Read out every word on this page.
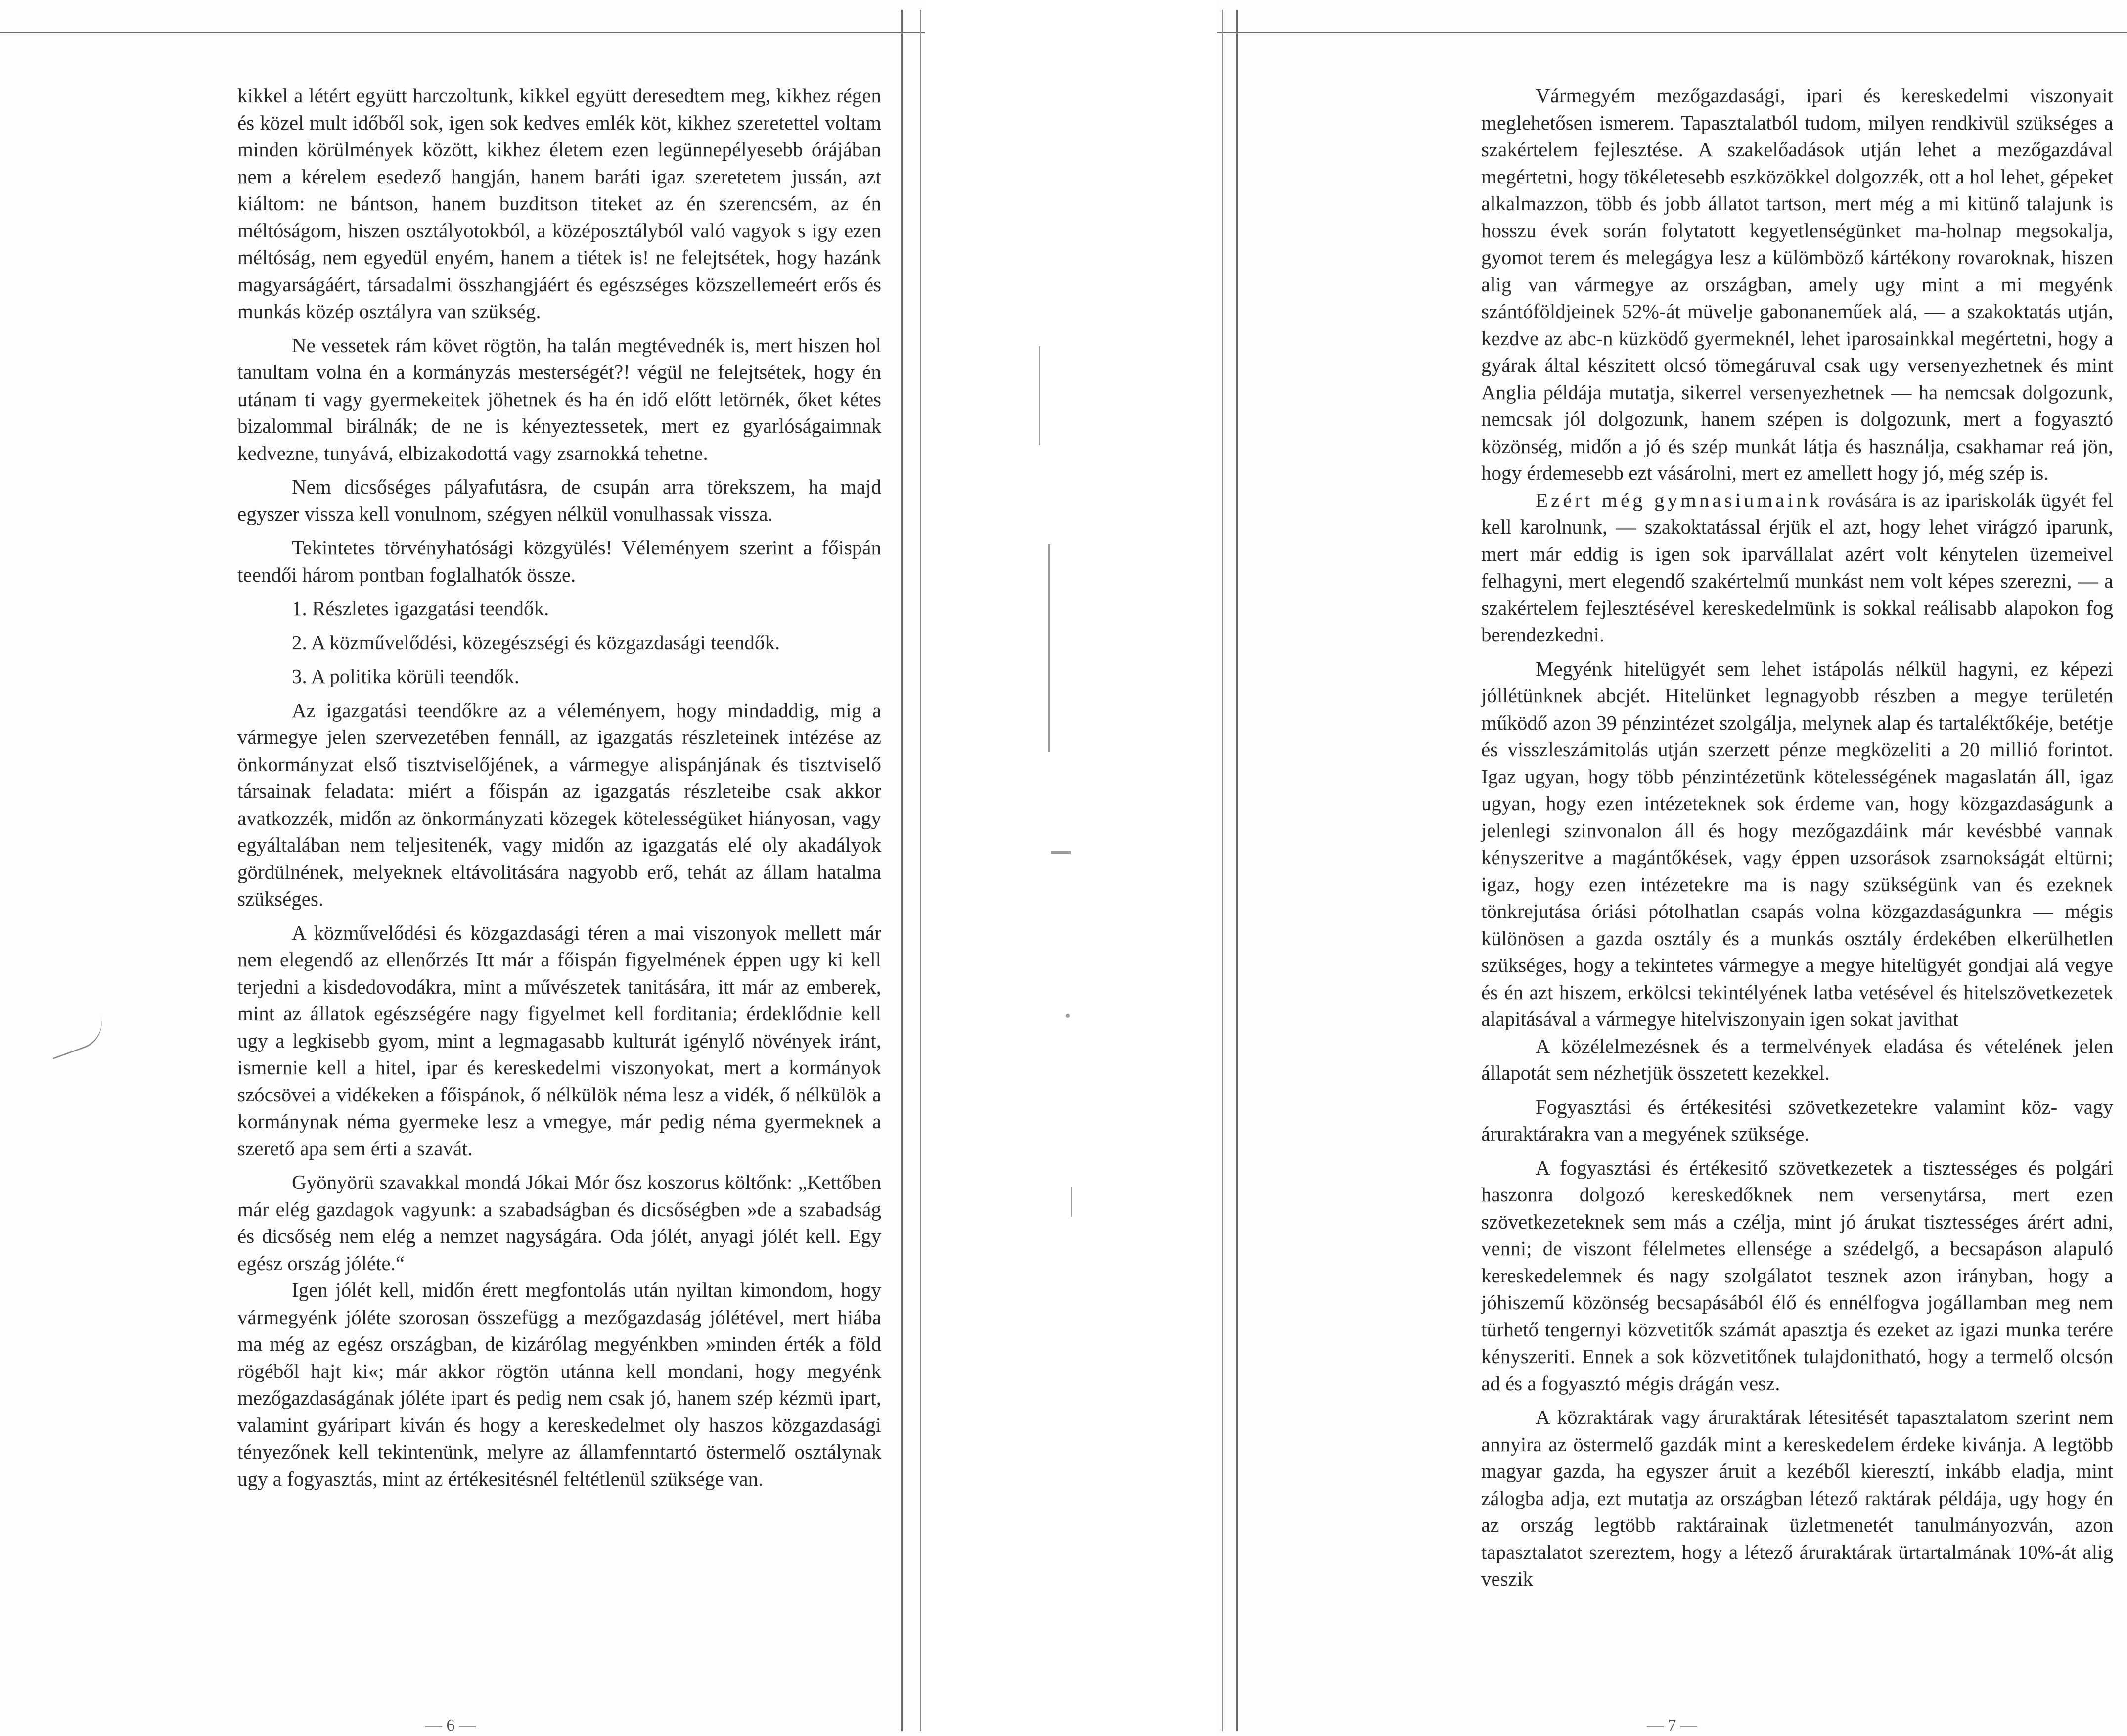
kikkel a létért együtt harczoltunk, kikkel együtt deresedtem meg, kikhez régen és közel mult időből sok, igen sok kedves emlék köt, kikhez szeretettel voltam minden körülmények között, kikhez életem ezen legünnepélyesebb órájában nem a kérelem esedező hangján, hanem baráti igaz szeretetem jussán, azt kiáltom: ne bántson, hanem buzditson titeket az én szerencsém, az én méltóságom, hiszen osztályotokból, a középosztályból való vagyok s igy ezen méltóság, nem egyedül enyém, hanem a tiétek is! ne felejtsétek, hogy hazánk magyarságáért, társadalmi összhangjáért és egészséges közszellemeért erős és munkás közép osztályra van szükség.

Ne vessetek rám követ rögtön, ha talán megtévednék is, mert hiszen hol tanultam volna én a kormányzás mesterségét?! végül ne felejtsétek, hogy én utánam ti vagy gyermekeitek jöhetnek és ha én idő előtt letörnék, őket kétes bizalommal birálnák; de ne is kényeztessetek, mert ez gyarlóságaimnak kedvezne, tunyává, elbizakodottá vagy zsarnokká tehetne.

Nem dicsőséges pályafutásra, de csupán arra törekszem, ha majd egyszer vissza kell vonulnom, szégyen nélkül vonulhassak vissza.

Tekintetes törvényhatósági közgyülés! Véleményem szerint a főispán teendői három pontban foglalhatók össze.

1. Részletes igazgatási teendők.

2. A közművelődési, közegészségi és közgazdasági teendők.

3. A politika körüli teendők.

Az igazgatási teendőkre az a véleményem, hogy mindaddig, mig a vármegye jelen szervezetében fennáll, az igazgatás részleteinek intézése az önkormányzat első tisztviselőjének, a vármegye alispánjának és tisztviselő társainak feladata: miért a főispán az igazgatás részleteibe csak akkor avatkozzék, midőn az önkormányzati közegek kötelességüket hiányosan, vagy egyáltalában nem teljesitenék, vagy midőn az igazgatás elé oly akadályok gördülnének, melyeknek eltávolitására nagyobb erő, tehát az állam hatalma szükséges.

A közművelődési és közgazdasági téren a mai viszonyok mellett már nem elegendő az ellenőrzés Itt már a főispán figyelmének éppen ugy ki kell terjedni a kisdedovodákra, mint a művészetek tanitására, itt már az emberek, mint az állatok egészségére nagy figyelmet kell forditania; érdeklődnie kell ugy a legkisebb gyom, mint a legmagasabb kulturát igénylő növények iránt, ismernie kell a hitel, ipar és kereskedelmi viszonyokat, mert a kormányok szócsövei a vidékeken a főispánok, ő nélkülök néma lesz a vidék, ő nélkülök a kormánynak néma gyermeke lesz a vmegye, már pedig néma gyermeknek a szerető apa sem érti a szavát.

Gyönyörü szavakkal mondá Jókai Mór ősz koszorus költőnk: „Kettőben már elég gazdagok vagyunk: a szabadságban és dicsőségben »de a szabadság és dicsőség nem elég a nemzet nagyságára. Oda jólét, anyagi jólét kell. Egy egész ország jóléte.“

Igen jólét kell, midőn érett megfontolás után nyiltan kimondom, hogy vármegyénk jóléte szorosan összefügg a mezőgazdaság jólétével, mert hiába ma még az egész országban, de kizárólag megyénkben »minden érték a föld rögéből hajt ki«; már akkor rögtön utánna kell mondani, hogy megyénk mezőgazdaságának jóléte ipart és pedig nem csak jó, hanem szép kézmü ipart, valamint gyáripart kiván és hogy a kereskedelmet oly haszos közgazdasági tényezőnek kell tekintenünk, melyre az államfenntartó östermelő osztálynak ugy a fogyasztás, mint az értékesitésnél feltétlenül szüksége van.

— 6 —

Vármegyém mezőgazdasági, ipari és kereskedelmi viszonyait meglehetősen ismerem. Tapasztalatból tudom, milyen rendkivül szükséges a szakértelem fejlesztése. A szakelőadások utján lehet a mezőgazdával megértetni, hogy tökéletesebb eszközökkel dolgozzék, ott a hol lehet, gépeket alkalmazzon, több és jobb állatot tartson, mert még a mi kitünő talajunk is hosszu évek során folytatott kegyetlenségünket ma-holnap megsokalja, gyomot terem és melegágya lesz a külömböző kártékony rovaroknak, hiszen alig van vármegye az országban, amely ugy mint a mi megyénk szántóföldjeinek 52%-át müvelje gabonaneműek alá, — a szakoktatás utján, kezdve az abc-n küzködő gyermeknél, lehet iparosainkkal megértetni, hogy a gyárak által készitett olcsó tömegáruval csak ugy versenyezhetnek és mint Anglia példája mutatja, sikerrel versenyezhetnek — ha nemcsak dolgozunk, nemcsak jól dolgozunk, hanem szépen is dolgozunk, mert a fogyasztó közönség, midőn a jó és szép munkát látja és használja, csakhamar reá jön, hogy érdemesebb ezt vásárolni, mert ez amellett hogy jó, még szép is.

Ezért még gymnasiumaink rovására is az ipariskolák ügyét fel kell karolnunk, — szakoktatással érjük el azt, hogy lehet virágzó iparunk, mert már eddig is igen sok iparvállalat azért volt kénytelen üzemeivel felhagyni, mert elegendő szakértelmű munkást nem volt képes szerezni, — a szakértelem fejlesztésével kereskedelmünk is sokkal reálisabb alapokon fog berendezkedni.

Megyénk hitelügyét sem lehet istápolás nélkül hagyni, ez képezi jóllétünknek abcjét. Hitelünket legnagyobb részben a megye területén működő azon 39 pénzintézet szolgálja, melynek alap és tartaléktőkéje, betétje és visszleszámitolás utján szerzett pénze megközeliti a 20 millió forintot. Igaz ugyan, hogy több pénzintézetünk kötelességének magaslatán áll, igaz ugyan, hogy ezen intézeteknek sok érdeme van, hogy közgazdaságunk a jelenlegi szinvonalon áll és hogy mezőgazdáink már kevésbbé vannak kényszeritve a magántőkések, vagy éppen uzsorások zsarnokságát eltürni; igaz, hogy ezen intézetekre ma is nagy szükségünk van és ezeknek tönkrejutása óriási pótolhatlan csapás volna közgazdaságunkra — mégis különösen a gazda osztály és a munkás osztály érdekében elkerülhetlen szükséges, hogy a tekintetes vármegye a megye hitelügyét gondjai alá vegye és én azt hiszem, erkölcsi tekintélyének latba vetésével és hitelszövetkezetek alapitásával a vármegye hitelviszonyain igen sokat javithat

A közélelmezésnek és a termelvények eladása és vételének jelen állapotát sem nézhetjük összetett kezekkel.

Fogyasztási és értékesitési szövetkezetekre valamint köz- vagy áruraktárakra van a megyének szüksége.

A fogyasztási és értékesitő szövetkezetek a tisztességes és polgári haszonra dolgozó kereskedőknek nem versenytársa, mert ezen szövetkezeteknek sem más a czélja, mint jó árukat tisztességes árért adni, venni; de viszont félelmetes ellensége a szédelgő, a becsapáson alapuló kereskedelemnek és nagy szolgálatot tesznek azon irányban, hogy a jóhiszemű közönség becsapásából élő és ennélfogva jogállamban meg nem türhető tengernyi közvetitők számát apasztja és ezeket az igazi munka terére kényszeriti. Ennek a sok közvetitőnek tulajdonitható, hogy a termelő olcsón ad és a fogyasztó mégis drágán vesz.

A közraktárak vagy áruraktárak létesitését tapasztalatom szerint nem annyira az östermelő gazdák mint a kereskedelem érdeke kivánja. A legtöbb magyar gazda, ha egyszer áruit a kezéből kieresztí, inkább eladja, mint zálogba adja, ezt mutatja az országban létező raktárak példája, ugy hogy én az ország legtöbb raktárainak üzletmenetét tanulmányozván, azon tapasztalatot szereztem, hogy a létező áruraktárak ürtartalmának 10%-át alig veszik

— 7 —
